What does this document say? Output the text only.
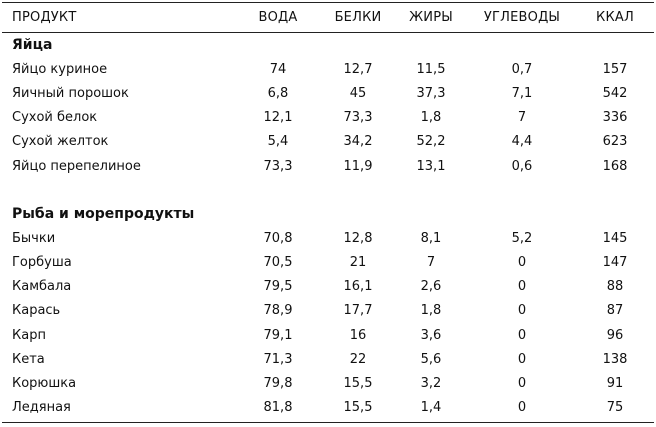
ПРОДУКТ	ВОДА	БЕЛКИ	ЖИРЫ	УГЛЕВОДЫ	ККАЛ
Яйца					
Яйцо куриное	74	12,7	11,5	0,7	157
Яичный порошок	6,8	45	37,3	7,1	542
Сухой белок	12,1	73,3	1,8	7	336
Сухой желток	5,4	34,2	52,2	4,4	623
Яйцо перепелиное	73,3	11,9	13,1	0,6	168

Рыба и морепродукты					
Бычки	70,8	12,8	8,1	5,2	145
Горбуша	70,5	21	7	0	147
Камбала	79,5	16,1	2,6	0	88
Карась	78,9	17,7	1,8	0	87
Карп	79,1	16	3,6	0	96
Кета	71,3	22	5,6	0	138
Корюшка	79,8	15,5	3,2	0	91
Ледяная	81,8	15,5	1,4	0	75
